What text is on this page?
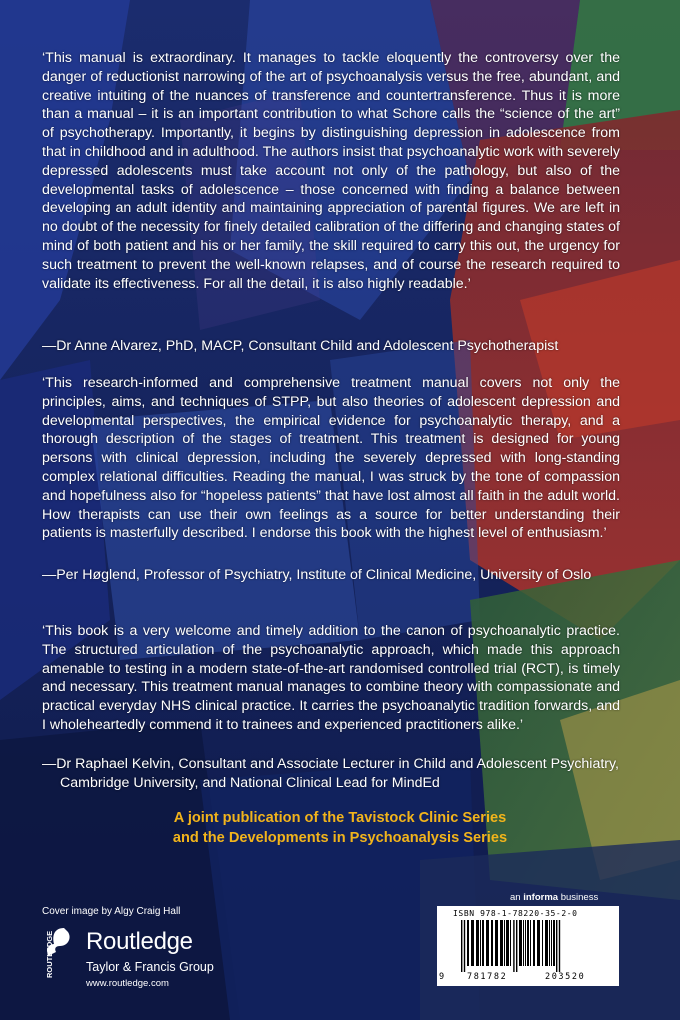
‘This manual is extraordinary. It manages to tackle eloquently the controversy over the danger of reductionist narrowing of the art of psychoanalysis versus the free, abundant, and creative intuiting of the nuances of transference and countertransference. Thus it is more than a manual – it is an important contribution to what Schore calls the “science of the art” of psychotherapy. Importantly, it begins by distinguishing depression in adolescence from that in childhood and in adulthood. The authors insist that psychoanalytic work with severely depressed adolescents must take account not only of the pathology, but also of the developmental tasks of adolescence – those concerned with finding a balance between developing an adult identity and maintaining appreciation of parental figures. We are left in no doubt of the necessity for finely detailed calibration of the differing and changing states of mind of both patient and his or her family, the skill required to carry this out, the urgency for such treatment to prevent the well-known relapses, and of course the research required to validate its effectiveness. For all the detail, it is also highly readable.’
—Dr Anne Alvarez, PhD, MACP, Consultant Child and Adolescent Psychotherapist
‘This research-informed and comprehensive treatment manual covers not only the principles, aims, and techniques of STPP, but also theories of adolescent depression and developmental perspectives, the empirical evidence for psychoanalytic therapy, and a thorough description of the stages of treatment. This treatment is designed for young persons with clinical depression, including the severely depressed with long-standing complex relational difficulties. Reading the manual, I was struck by the tone of compassion and hopefulness also for “hopeless patients” that have lost almost all faith in the adult world. How therapists can use their own feelings as a source for better understanding their patients is masterfully described. I endorse this book with the highest level of enthusiasm.’
—Per Høglend, Professor of Psychiatry, Institute of Clinical Medicine, University of Oslo
‘This book is a very welcome and timely addition to the canon of psychoanalytic practice. The structured articulation of the psychoanalytic approach, which made this approach amenable to testing in a modern state-of-the-art randomised controlled trial (RCT), is timely and necessary. This treatment manual manages to combine theory with compassionate and practical everyday NHS clinical practice. It carries the psychoanalytic tradition forwards, and I wholeheartedly commend it to trainees and experienced practitioners alike.’
—Dr Raphael Kelvin, Consultant and Associate Lecturer in Child and Adolescent Psychiatry, Cambridge University, and National Clinical Lead for MindEd
A joint publication of the Tavistock Clinic Series
and the Developments in Psychoanalysis Series
Cover image by Algy Craig Hall
an informa business
ROUTLEDGE Routledge
Taylor & Francis Group
www.routledge.com
ISBN 978-1-78220-35-2-0
9	781782	203520
